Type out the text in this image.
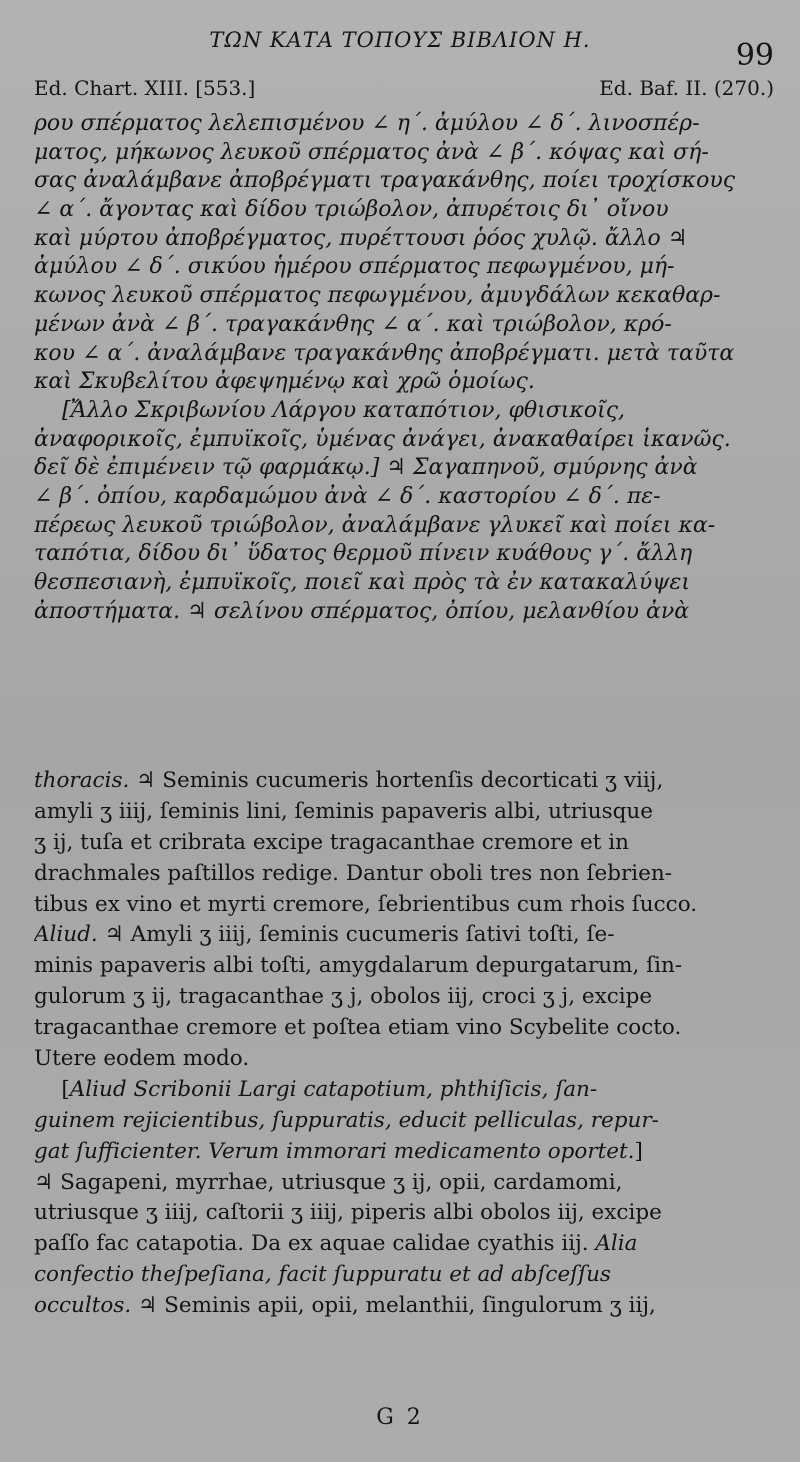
ΤΩΝ ΚΑΤΑ ΤΟΠΟΥΣ ΒΙΒΛΙΟΝ Η.	99
Ed. Chart. XIII. [553.]	Ed. Baf. II. (270.)
ρου σπέρματος λελεπισμένου ∠ η΄. ἀμύλου ∠ δ΄. λινοσπέρ-
ματος, μήκωνος λευκοῦ σπέρματος ἀνὰ ∠ β΄. κόψας καὶ σή-
σας ἀναλάμβανε ἀποβρέγματι τραγακάνθης, ποίει τροχίσκους
∠ α΄. ἄγοντας καὶ δίδου τριώβολον, ἀπυρέτοις δι᾽ οἴνου
καὶ μύρτου ἀποβρέγματος, πυρέττουσι ῥόος χυλῷ. ἄλλο ♃
ἀμύλου ∠ δ΄. σικύου ἡμέρου σπέρματος πεφωγμένου, μή-
κωνος λευκοῦ σπέρματος πεφωγμένου, ἀμυγδάλων κεκαθαρ-
μένων ἀνὰ ∠ β΄. τραγακάνθης ∠ α΄. καὶ τριώβολον, κρό-
κου ∠ α΄. ἀναλάμβανε τραγακάνθης ἀποβρέγματι. μετὰ ταῦτα
καὶ Σκυβελίτου ἀφεψημένῳ καὶ χρῶ ὁμοίως.
[Ἄλλο Σκριβωνίου Λάργου καταπότιον, φθισικοῖς,
ἀναφορικοῖς, ἐμπυϊκοῖς, ὑμένας ἀνάγει, ἀνακαθαίρει ἱκανῶς.
δεῖ δὲ ἐπιμένειν τῷ φαρμάκῳ.] ♃ Σαγαπηνοῦ, σμύρνης ἀνὰ
∠ β΄. ὀπίου, καρδαμώμου ἀνὰ ∠ δ΄. καστορίου ∠ δ΄. πε-
πέρεως λευκοῦ τριώβολον, ἀναλάμβανε γλυκεῖ καὶ ποίει κα-
ταπότια, δίδου δι᾽ ὕδατος θερμοῦ πίνειν κυάθους γ΄. ἄλλη
θεσπεσιανὴ, ἐμπυϊκοῖς, ποιεῖ καὶ πρὸς τὰ ἐν κατακαλύψει
ἀποστήματα. ♃ σελίνου σπέρματος, ὀπίου, μελανθίου ἀνὰ
thoracis. ♃ Seminis cucumeris hortenſis decorticati ʒ viij,
amyli ʒ iiij, ſeminis lini, ſeminis papaveris albi, utriusque
ʒ ij, tuſa et cribrata excipe tragacanthae cremore et in
drachmales paſtillos redige. Dantur oboli tres non ſebrien-
tibus ex vino et myrti cremore, ſebrientibus cum rhois ſucco.
Aliud. ♃ Amyli ʒ iiij, ſeminis cucumeris ſativi toſti, ſe-
minis papaveris albi toſti, amygdalarum depurgatarum, ſin-
gulorum ʒ ij, tragacanthae ʒ j, obolos iij, croci ʒ j, excipe
tragacanthae cremore et poſtea etiam vino Scybelite cocto.
Utere eodem modo.
[Aliud Scribonii Largi catapotium, phthiſicis, ſan-
guinem rejicientibus, ſuppuratis, educit pelliculas, repur-
gat ſufficienter. Verum immorari medicamento oportet.]
♃ Sagapeni, myrrhae, utriusque ʒ ij, opii, cardamomi,
utriusque ʒ iiij, caſtorii ʒ iiij, piperis albi obolos iij, excipe
paſſo fac catapotia. Da ex aquae calidae cyathis iij. Alia
confectio theſpeſiana, facit ſuppuratu et ad abſceſſus
occultos. ♃ Seminis apii, opii, melanthii, ſingulorum ʒ iij,
G 2
